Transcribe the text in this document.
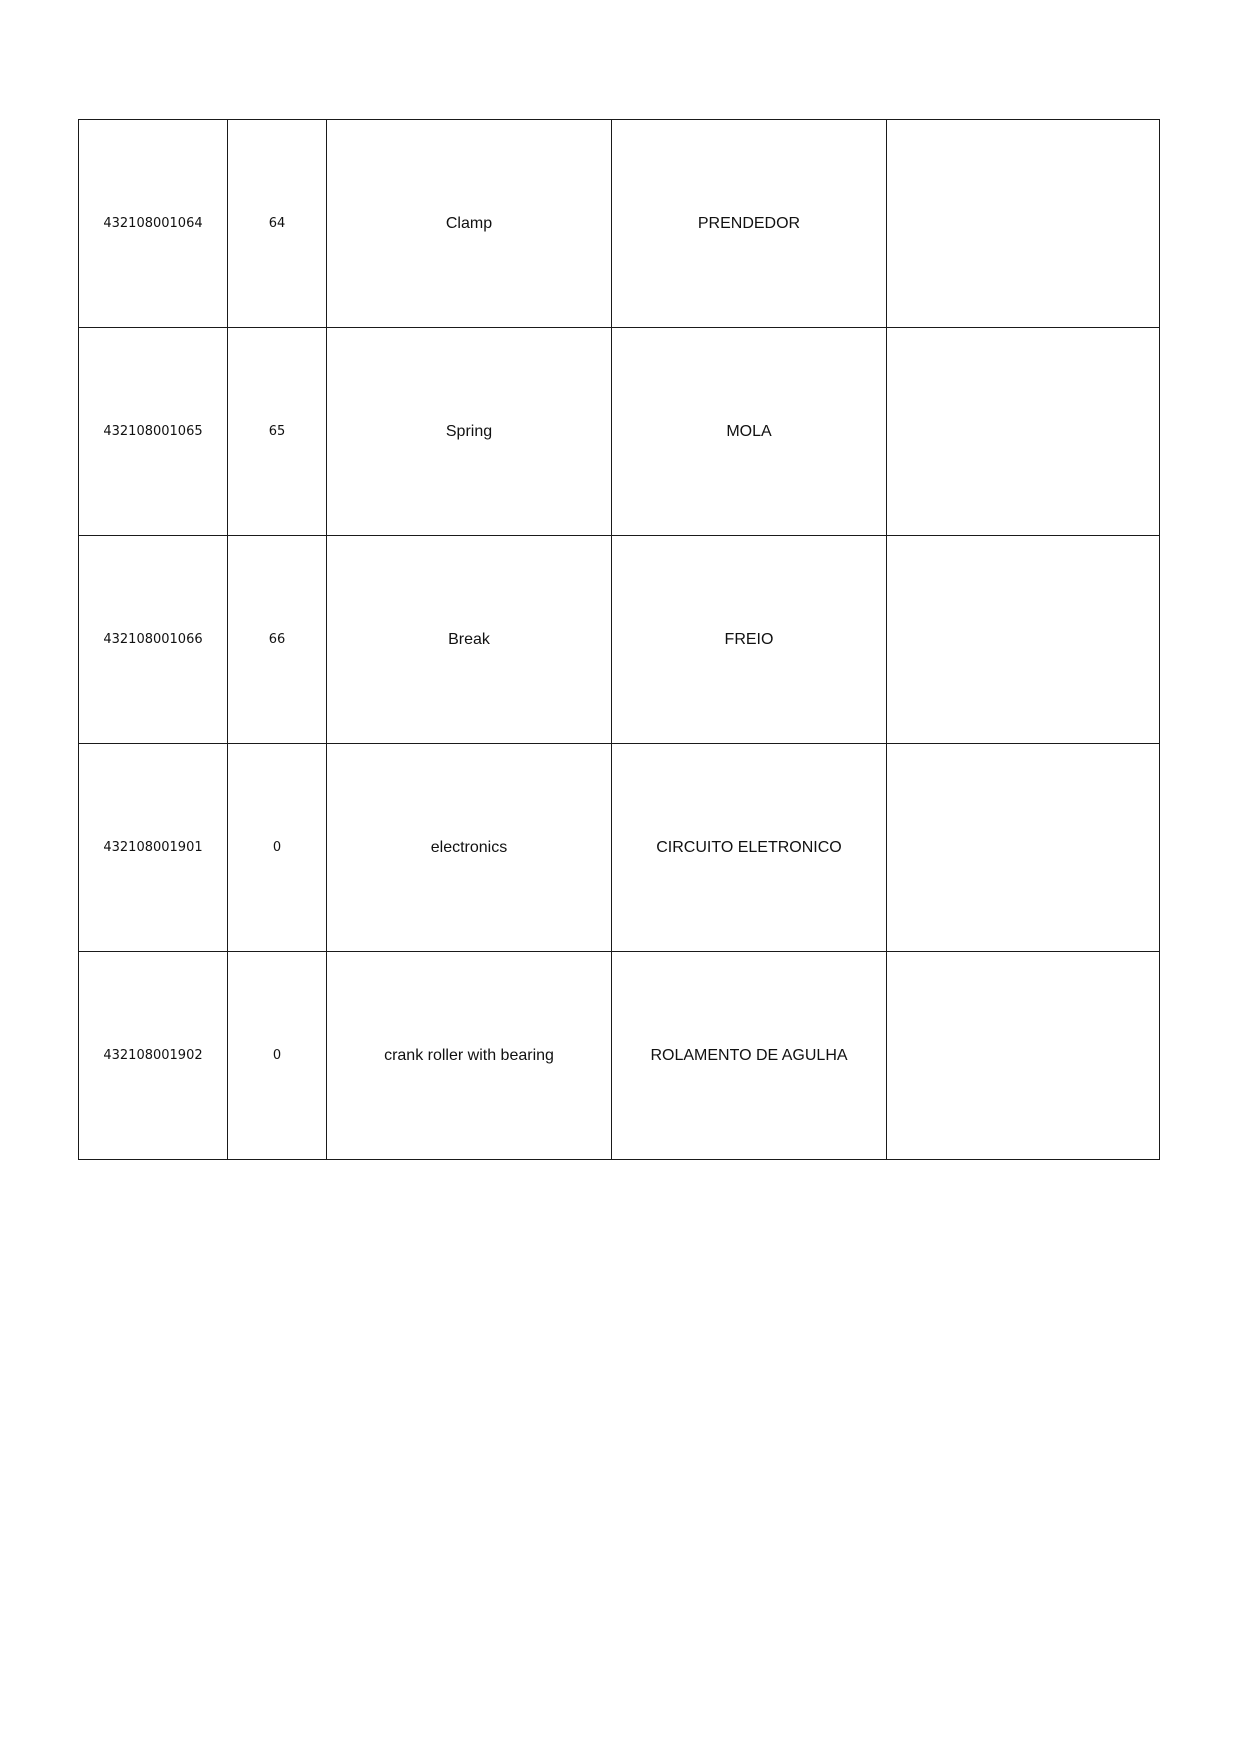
432108001064	64	Clamp	PRENDEDOR	
432108001065	65	Spring	MOLA	
432108001066	66	Break	FREIO	
432108001901	0	electronics	CIRCUITO ELETRONICO	
432108001902	0	crank roller with bearing	ROLAMENTO DE AGULHA	
